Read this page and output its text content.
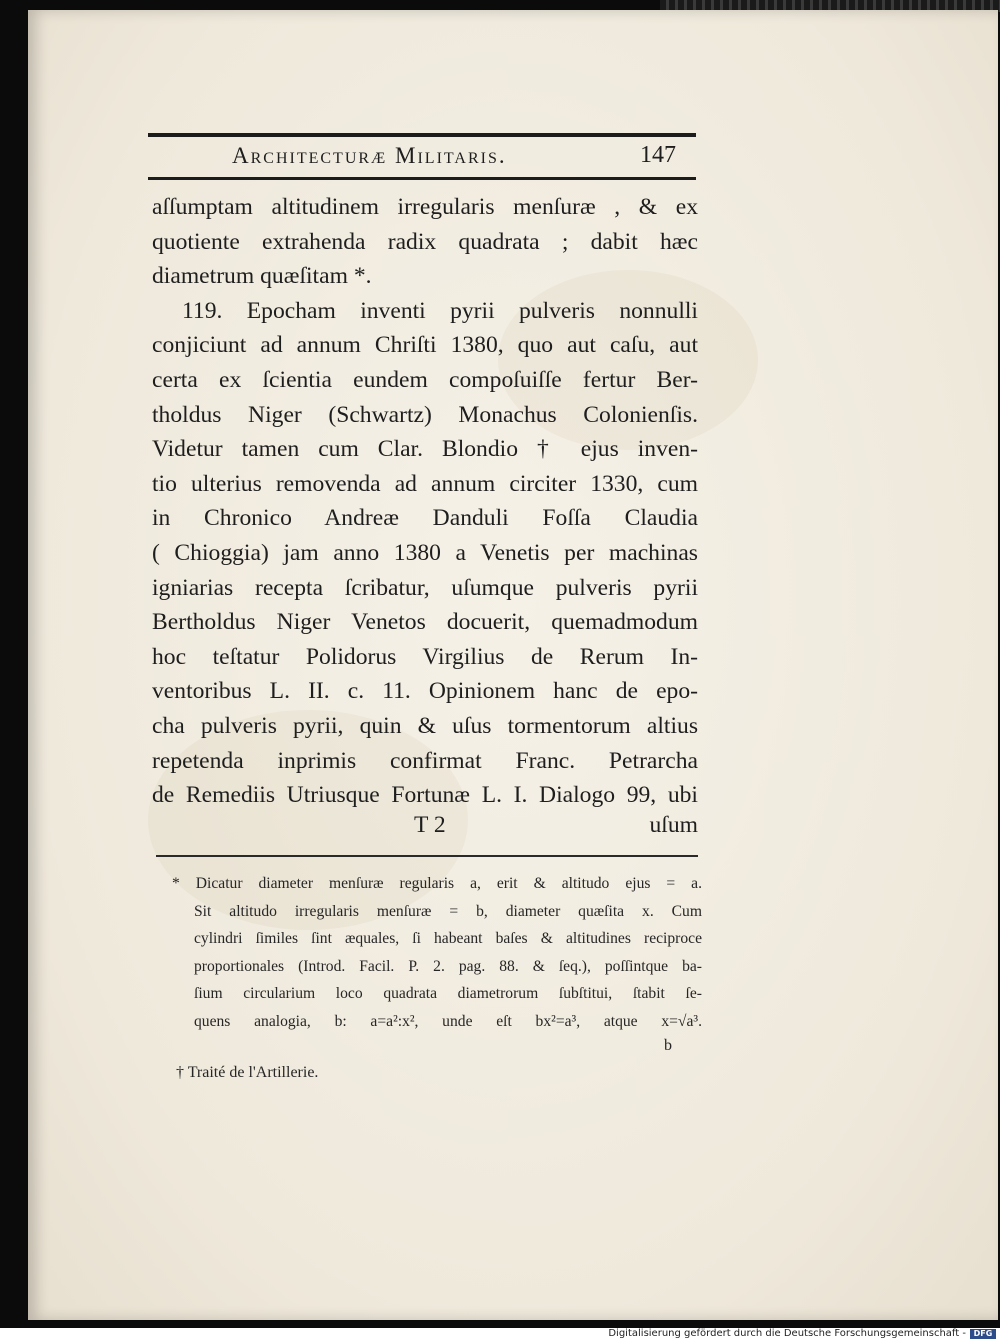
Architecturæ Militaris.	147
aſſumptam altitudinem irregularis menſuræ , & ex
quotiente extrahenda radix quadrata ; dabit hæc
diametrum quæſitam *.
119. Epocham inventi pyrii pulveris nonnulli
conjiciunt ad annum Chriſti 1380, quo aut caſu, aut
certa ex ſcientia eundem compoſuiſſe fertur Ber-
tholdus Niger (Schwartz) Monachus Colonienſis.
Videtur tamen cum Clar. Blondio † ejus inven-
tio ulterius removenda ad annum circiter 1330, cum
in Chronico Andreæ Danduli Foſſa Claudia
( Chioggia) jam anno 1380 a Venetis per machinas
igniarias recepta ſcribatur, uſumque pulveris pyrii
Bertholdus Niger Venetos docuerit, quemadmodum
hoc teſtatur Polidorus Virgilius de Rerum In-
ventoribus L. II. c. 11. Opinionem hanc de epo-
cha pulveris pyrii, quin & uſus tormentorum altius
repetenda inprimis confirmat Franc. Petrarcha
de Remediis Utriusque Fortunæ L. I. Dialogo 99, ubi
T 2	uſum
* Dicatur diameter menſuræ regularis a, erit & altitudo ejus = a.
Sit altitudo irregularis menſuræ = b, diameter quæſita x. Cum
cylindri ſimiles ſint æquales, ſi habeant baſes & altitudines reciproce
proportionales (Introd. Facil. P. 2. pag. 88. & ſeq.), poſſintque ba-
ſium circularium loco quadrata diametrorum ſubſtitui, ſtabit ſe-
quens analogia, b: a=a²:x², unde eſt bx²=a³, atque x=√a³.
b
† Traité de l'Artillerie.
Digitalisierung gefördert durch die Deutsche Forschungsgemeinschaft - DFG
